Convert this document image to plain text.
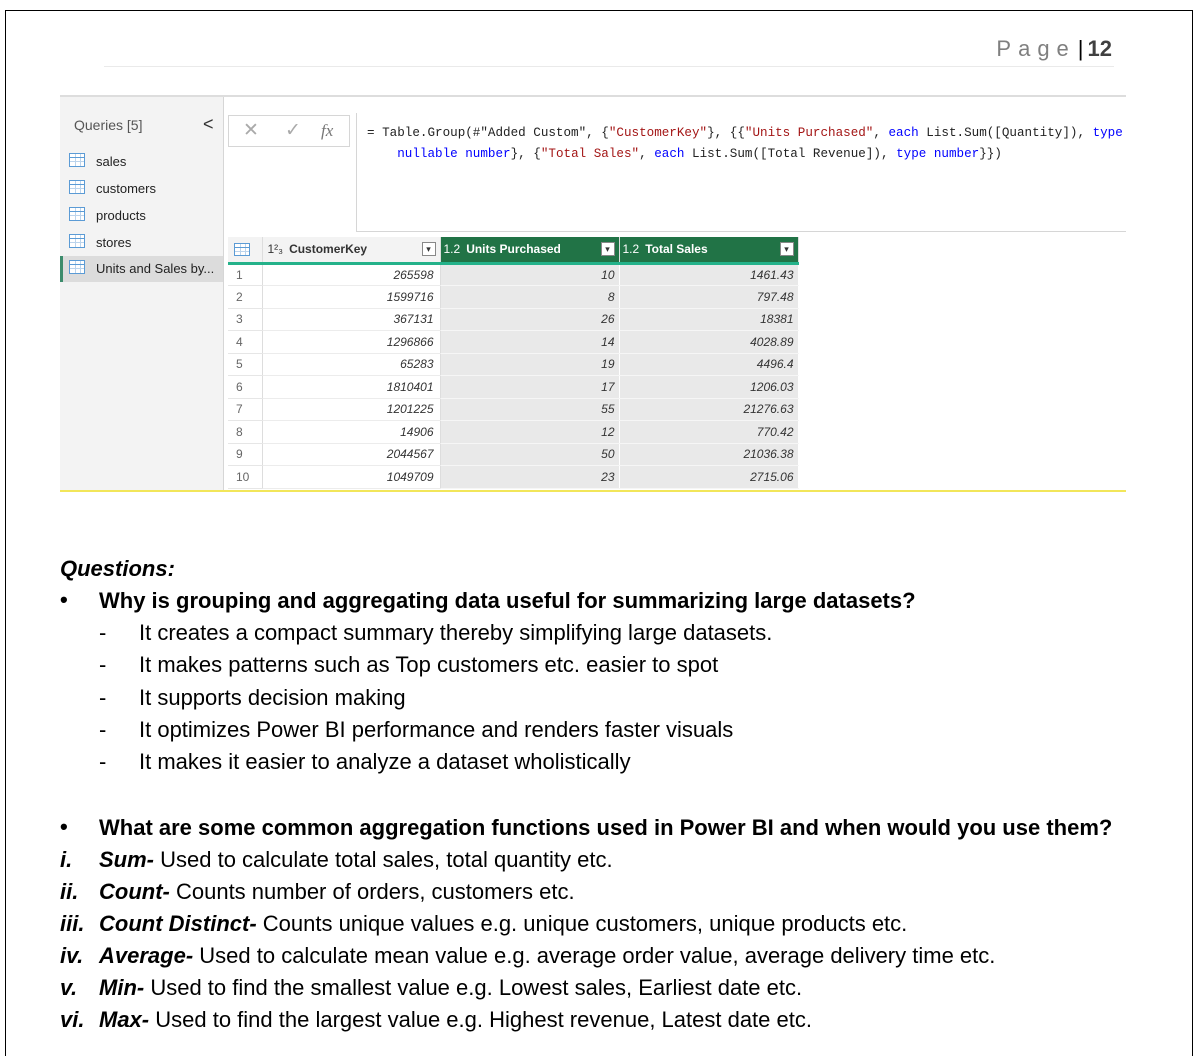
Page| 12
Queries [5]	<
sales
customers
products
stores
Units and Sales by...
✕ ✓ fx	= Table.Group(#"Added Custom", {"CustomerKey"}, {{"Units Purchased", each List.Sum([Quantity]), type
nullable number}, {"Total Sales", each List.Sum([Total Revenue]), type number}})
	1²₃ CustomerKey ▾	1.2 Units Purchased ▾	1.2 Total Sales ▾

1	265598	10	1461.43
2	1599716	8	797.48
3	367131	26	18381
4	1296866	14	4028.89
5	65283	19	4496.4
6	1810401	17	1206.03
7	1201225	55	21276.63
8	14906	12	770.42
9	2044567	50	21036.38
10	1049709	23	2715.06
Questions:
• Why is grouping and aggregating data useful for summarizing large datasets?
- It creates a compact summary thereby simplifying large datasets.
- It makes patterns such as Top customers etc. easier to spot
- It supports decision making
- It optimizes Power BI performance and renders faster visuals
- It makes it easier to analyze a dataset wholistically
• What are some common aggregation functions used in Power BI and when would you use them?
i. Sum- Used to calculate total sales, total quantity etc.
ii. Count- Counts number of orders, customers etc.
iii. Count Distinct- Counts unique values e.g. unique customers, unique products etc.
iv. Average- Used to calculate mean value e.g. average order value, average delivery time etc.
v. Min- Used to find the smallest value e.g. Lowest sales, Earliest date etc.
vi. Max- Used to find the largest value e.g. Highest revenue, Latest date etc.
